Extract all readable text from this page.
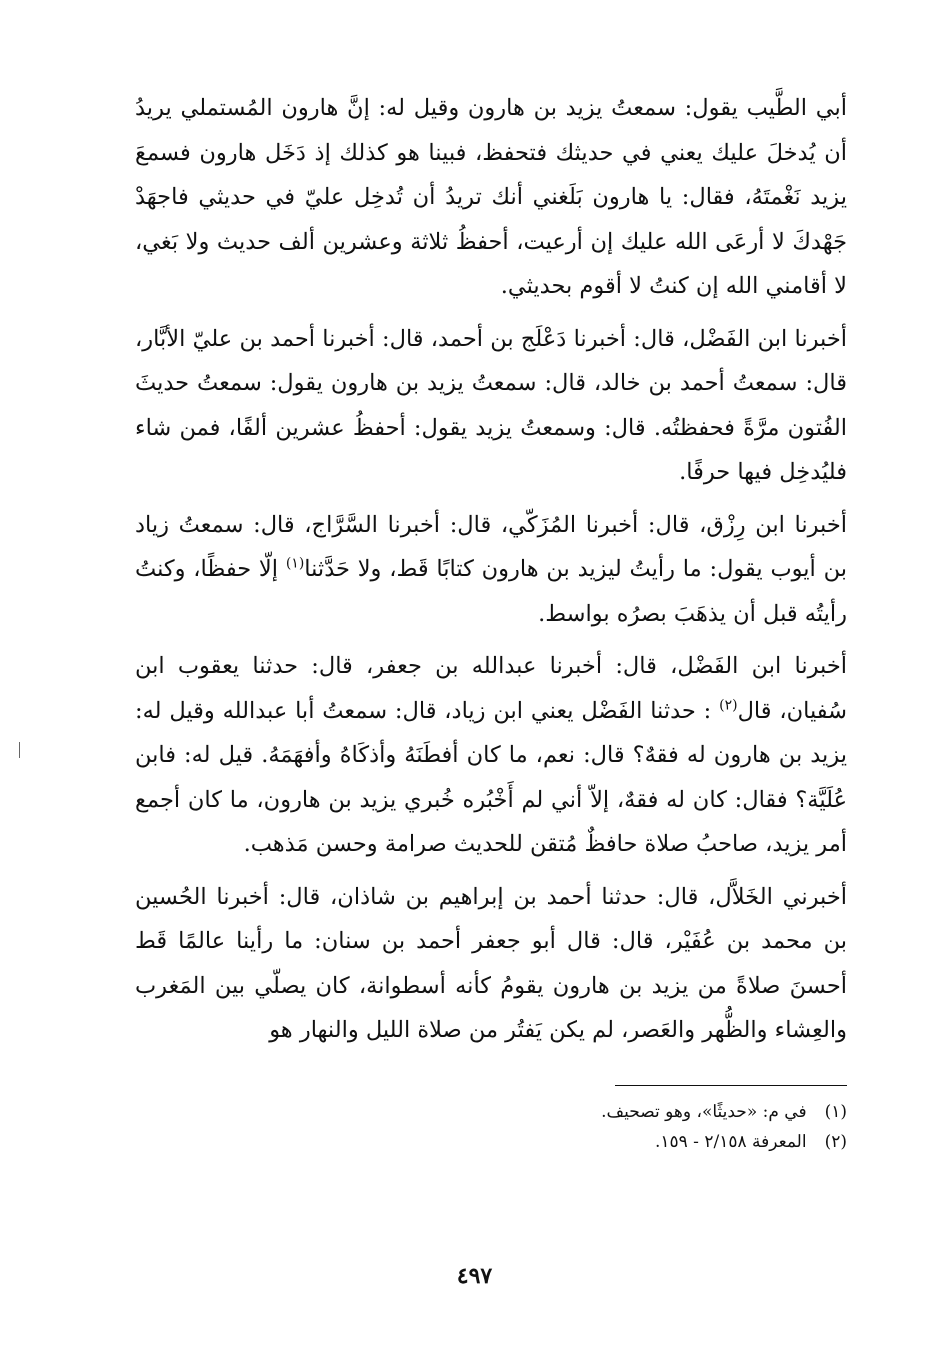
أبي الطَّيب يقول: سمعتُ يزيد بن هارون وقيل له: إنَّ هارون المُستملي يريدُ أن يُدخلَ عليك يعني في حديثك فتحفظ، فبينا هو كذلك إذ دَخَل هارون فسمعَ يزيد نَغْمتَهُ، فقال: يا هارون بَلَغني أنك تريدُ أن تُدخِل عليّ في حديثي فاجهَدْ جَهْدكَ لا أرعَى الله عليك إن أرعيت، أحفظُ ثلاثة وعشرين ألف حديث ولا بَغي، لا أقامني الله إن كنتُ لا أقوم بحديثي.

أخبرنا ابن الفَضْل، قال: أخبرنا دَعْلَج بن أحمد، قال: أخبرنا أحمد بن عليّ الأبَّار، قال: سمعتُ أحمد بن خالد، قال: سمعتُ يزيد بن هارون يقول: سمعتُ حديثَ الفُتون مرَّةً فحفظتُه. قال: وسمعتُ يزيد يقول: أحفظُ عشرين ألفًا، فمن شاء فليُدخِل فيها حرفًا.

أخبرنا ابن رِزْق، قال: أخبرنا المُزَكّي، قال: أخبرنا السَّرَّاج، قال: سمعتُ زياد بن أيوب يقول: ما رأيتُ ليزيد بن هارون كتابًا قَط، ولا حَدَّثنا$^{(١)}$ إلّا حفظًا، وكنتُ رأيتُه قبل أن يذهَبَ بصرُه بواسط.

أخبرنا ابن الفَضْل، قال: أخبرنا عبدالله بن جعفر، قال: حدثنا يعقوب ابن سُفيان، قال$^{(٢)}$ : حدثنا الفَضْل يعني ابن زياد، قال: سمعتُ أبا عبدالله وقيل له: يزيد بن هارون له فقهٌ؟ قال: نعم، ما كان أفطَنَهُ وأذكَاهُ وأفهَمَهُ. قيل له: فابن عُلَيَّة؟ فقال: كان له فقهٌ، إلاّ أني لم أَخْبُره خُبري يزيد بن هارون، ما كان أجمع أمر يزيد، صاحبُ صلاة حافظٌ مُتقن للحديث صرامة وحسن مَذهب.

أخبرني الخَلاَّل، قال: حدثنا أحمد بن إبراهيم بن شاذان، قال: أخبرنا الحُسين بن محمد بن عُفَيْر، قال: قال أبو جعفر أحمد بن سنان: ما رأينا عالمًا قَط أحسنَ صلاةً من يزيد بن هارون يقومُ كأنه أسطوانة، كان يصلّي بين المَغرب والعِشاء والظُّهر والعَصر، لم يكن يَفتُر من صلاة الليل والنهار هو

(١)في م: «حديثًا»، وهو تصحيف.
(٢)المعرفة ٢/١٥٨ - ١٥٩.
٤٩٧
